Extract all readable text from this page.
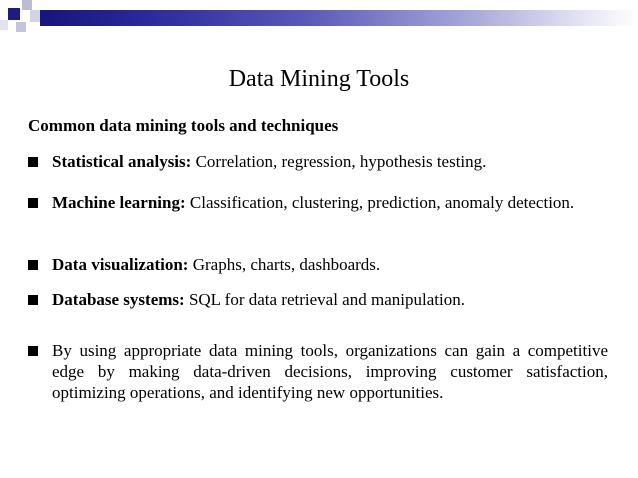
Data Mining Tools
Common data mining tools and techniques
Statistical analysis: Correlation, regression, hypothesis testing.
Machine learning: Classification, clustering, prediction, anomaly detection.
Data visualization: Graphs, charts, dashboards.
Database systems: SQL for data retrieval and manipulation.
By using appropriate data mining tools, organizations can gain a competitive edge by making data-driven decisions, improving customer satisfaction, optimizing operations, and identifying new opportunities.
